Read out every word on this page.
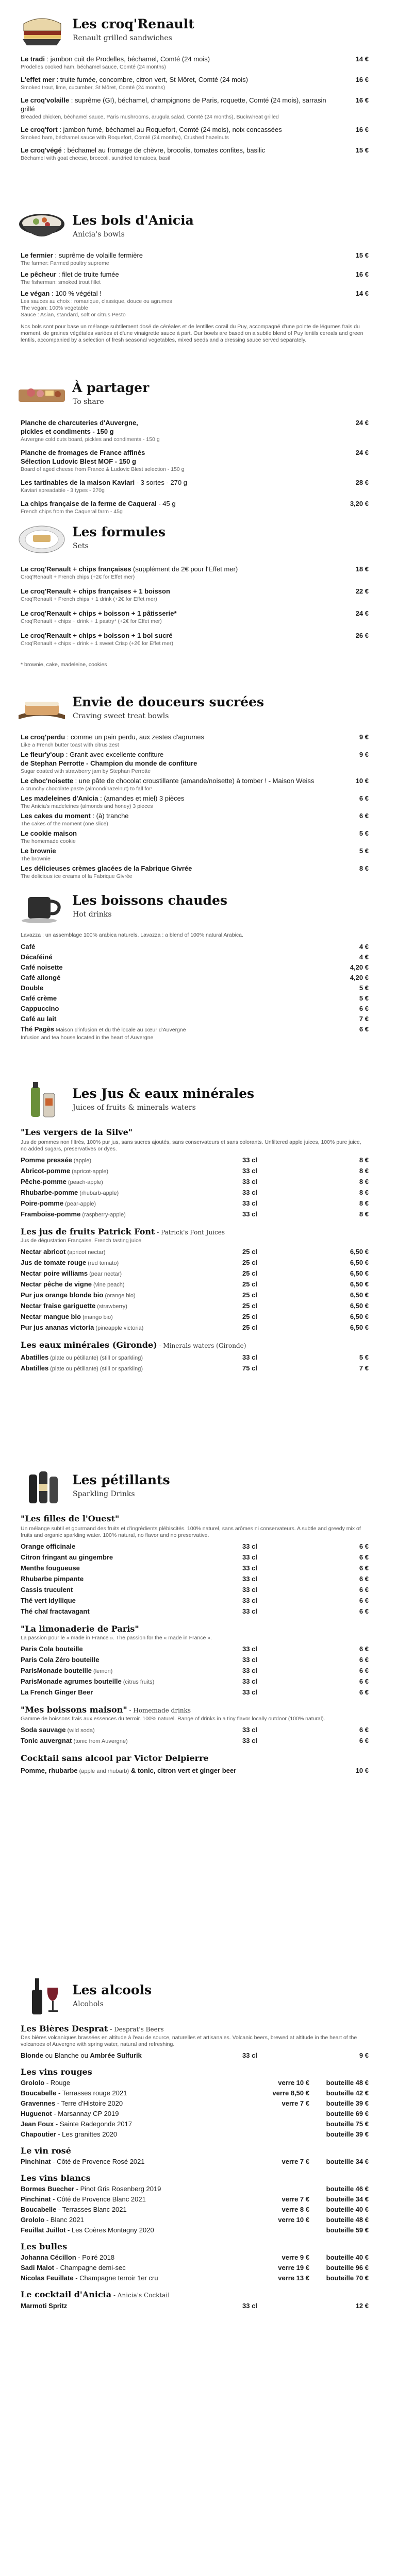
Les croq'Renault
Renault grilled sandwiches
Le tradi : jambon cuit de Prodelles, béchamel, Comté (24 mois)	14 €
Prodelles cooked ham, béchamel sauce, Comté (24 months)
L'effet mer : truite fumée, concombre, citron vert, St Môret, Comté (24 mois)	16 €
Smoked trout, lime, cucumber, St Môret, Comté (24 months)
Le croq'volaille : suprême (GI), béchamel, champignons de Paris, roquette, Comté (24 mois), sarrasin grillé
16 €
Breaded chicken, béchamel sauce, Paris mushrooms, arugula salad, Comté (24 months), Buckwheat grilled
Le croq'fort : jambon fumé, béchamel au Roquefort, Comté (24 mois), noix concassées	16 €
Smoked ham, béchamel sauce with Roquefort, Comté (24 months), Crushed hazelnuts
Le croq'végé : béchamel au fromage de chèvre, brocolis, tomates confites, basilic	15 €
Béchamel with goat cheese, broccoli, sundried tomatoes, basil
Les bols d'Anicia
Anicia's bowls
Le fermier : suprême de volaille fermière	15 €
The farmer: Farmed poultry supreme
Le pêcheur : filet de truite fumée	16 €
The fisherman: smoked trout fillet
Le végan : 100 % végétal !	14 €
Les sauces au choix : romarique, classique, douce ou agrumes
The vegan: 100% vegetable
Sauce : Asian, standard, soft or citrus Pesto
Nos bols sont pour base un mélange subtilement dosé de céréales et de lentilles corail du Puy, accompagné d'une pointe de légumes frais du moment, de graines végétales variées et d'une vinaigrette sauce à part. Our bowls are based on a subtle blend of Puy lentils cereals and green lentils, accompanied by a selection of fresh seasonal vegetables, mixed seeds and a dressing sauce served separately.
À partager
To share
Planche de charcuteries d'Auvergne,	24 €
pickles et condiments - 150 g
Auvergne cold cuts board, pickles and condiments - 150 g
Planche de fromages de France affinés	24 €
Sélection Ludovic Blest MOF - 150 g
Board of aged cheese from France & Ludovic Blest selection - 150 g
Les tartinables de la maison Kaviari - 3 sortes - 270 g	28 €
Kaviari spreadable - 3 types - 270g
La chips française de la ferme de Caqueral - 45 g	3,20 €
French chips from the Caqueral farm - 45g
Les formules
Sets
Le croq'Renault + chips françaises (supplément de 2€ pour l'Effet mer)	18 €
Croq'Renault + French chips (+2€ for Effet mer)
Le croq'Renault + chips françaises + 1 boisson	22 €
Croq'Renault + French chips + 1 drink (+2€ for Effet mer)
Le croq'Renault + chips + boisson + 1 pâtisserie*	24 €
Croq'Renault + chips + drink + 1 pastry* (+2€ for Effet mer)
Le croq'Renault + chips + boisson + 1 bol sucré	26 €
Croq'Renault + chips + drink + 1 sweet Crisp (+2€ for Effet mer)
* brownie, cake, madeleine, cookies
Envie de douceurs sucrées
Craving sweet treat bowls
Le croq'perdu : comme un pain perdu, aux zestes d'agrumes	9 €
Like a French butter toast with citrus zest
Le fleur'y'oup : Granit avec excellente confiture	9 €
de Stephan Perrotte - Champion du monde de confiture
Sugar coated with strawberry jam by Stephan Perrotte
Le choc'noisette : une pâte de chocolat croustillante (amande/noisette) à tomber ! - Maison Weiss	10 €
A crunchy chocolate paste (almond/hazelnut) to fall for!
Les madeleines d'Anicia : (amandes et miel) 3 pièces	6 €
The Anicia's madeleines (almonds and honey) 3 pieces
Les cakes du moment : (à) tranche	6 €
The cakes of the moment (one slice)
Le cookie maison	5 €
The homemade cookie
Le brownie	5 €
The brownie
Les délicieuses crèmes glacées de la Fabrique Givrée	8 €
The delicious ice creams of la Fabrique Givrée
Les boissons chaudes
Hot drinks
Lavazza : un assemblage 100% arabica naturels. Lavazza : a blend of 100% natural Arabica.
Café	4 €
Décaféiné	4 €
Café noisette	4,20 €
Café allongé	4,20 €
Double	5 €
Café crème	5 €
Cappuccino	6 €
Café au lait	7 €
Thé Pagès Maison d'infusion et du thé locale au cœur d'Auvergne	6 €
Infusion and tea house located in the heart of Auvergne
Les Jus & eaux minérales
Juices of fruits & minerals waters
"Les vergers de la Silve"
Jus de pommes non filtrés, 100% pur jus, sans sucres ajoutés, sans conservateurs et sans colorants. Unfiltered apple juices, 100% pure juice, no added sugars, preservatives or dyes.
Pomme pressée (apple)	33 cl	8 €
Abricot-pomme (apricot-apple)	33 cl	8 €
Pêche-pomme (peach-apple)	33 cl	8 €
Rhubarbe-pomme (rhubarb-apple)	33 cl	8 €
Poire-pomme (pear-apple)	33 cl	8 €
Framboise-pomme (raspberry-apple)	33 cl	8 €
Les jus de fruits Patrick Font - Patrick's Font Juices
Jus de dégustation Française. French tasting juice
Nectar abricot (apricot nectar)	25 cl	6,50 €
Jus de tomate rouge (red tomato)	25 cl	6,50 €
Nectar poire williams (pear nectar)	25 cl	6,50 €
Nectar pêche de vigne (vine peach)	25 cl	6,50 €
Pur jus orange blonde bio (orange bio)	25 cl	6,50 €
Nectar fraise gariguette (strawberry)	25 cl	6,50 €
Nectar mangue bio (mango bio)	25 cl	6,50 €
Pur jus ananas victoria (pineapple victoria)	25 cl	6,50 €
Les eaux minérales (Gironde) - Minerals waters (Gironde)
Abatilles (plate ou pétillante) (still or sparkling)	33 cl	5 €
Abatilles (plate ou pétillante) (still or sparkling)	75 cl	7 €
Les pétillants
Sparkling Drinks
"Les filles de l'Ouest"
Un mélange subtil et gourmand des fruits et d'ingrédients plébiscités. 100% naturel, sans arômes ni conservateurs. A subtle and greedy mix of fruits and organic sparkling water. 100% natural, no flavor and no preservative.
Orange officinale	33 cl	6 €
Citron fringant au gingembre	33 cl	6 €
Menthe fougueuse	33 cl	6 €
Rhubarbe pimpante	33 cl	6 €
Cassis truculent	33 cl	6 €
Thé vert idyllique	33 cl	6 €
Thé chaï fractavagant	33 cl	6 €
"La limonaderie de Paris"
La passion pour le « made in France ». The passion for the « made in France ».
Paris Cola bouteille	33 cl	6 €
Paris Cola Zéro bouteille	33 cl	6 €
ParisMonade bouteille (lemon)	33 cl	6 €
ParisMonade agrumes bouteille (citrus fruits)	33 cl	6 €
La French Ginger Beer	33 cl	6 €
"Mes boissons maison" - Homemade drinks
Gamme de boissons frais aux essences du terroir. 100% naturel. Range of drinks in a tiny flavor locally outdoor (100% natural).
Soda sauvage (wild soda)	33 cl	6 €
Tonic auvergnat (tonic from Auvergne)	33 cl	6 €
Cocktail sans alcool par Victor Delpierre
Pomme, rhubarbe (apple and rhubarb) & tonic, citron vert et ginger beer	10 €
Les alcools
Alcohols
Les Bières Desprat - Desprat's Beers
Des bières volcaniques brassées en altitude à l'eau de source, naturelles et artisanales. Volcanic beers, brewed at altitude in the heart of the volcanoes of Auvergne with spring water, natural and refreshing.
Blonde ou Blanche ou Ambrée Sulfurik	33 cl	9 €
Les vins rouges
Grololo - Rouge	verre 10 €	bouteille 48 €
Boucabelle - Terrasses rouge 2021	verre 8,50 €	bouteille 42 €
Gravennes - Terre d'Histoire 2020	verre 7 €	bouteille 39 €
Huguenot - Marsannay CP 2019	bouteille 69 €
Jean Foux - Sainte Radegonde 2017	bouteille 75 €
Chapoutier - Les granittes 2020	bouteille 39 €
Le vin rosé
Pinchinat - Côté de Provence Rosé 2021	verre 7 €	bouteille 34 €
Les vins blancs
Bormes Buecher - Pinot Gris Rosenberg 2019	bouteille 46 €
Pinchinat - Côté de Provence Blanc 2021	verre 7 €	bouteille 34 €
Boucabelle - Terrasses Blanc 2021	verre 8 €	bouteille 40 €
Grololo - Blanc 2021	verre 10 €	bouteille 48 €
Feuillat Juillot - Les Coères Montagny 2020	bouteille 59 €
Les bulles
Johanna Cécillon - Poiré 2018	verre 9 €	bouteille 40 €
Sadi Malot - Champagne demi-sec	verre 19 €	bouteille 96 €
Nicolas Feuillate - Champagne terroir 1er cru	verre 13 €	bouteille 70 €
Le cocktail d'Anicia - Anicia's Cocktail
Marmoti Spritz	33 cl	12 €
